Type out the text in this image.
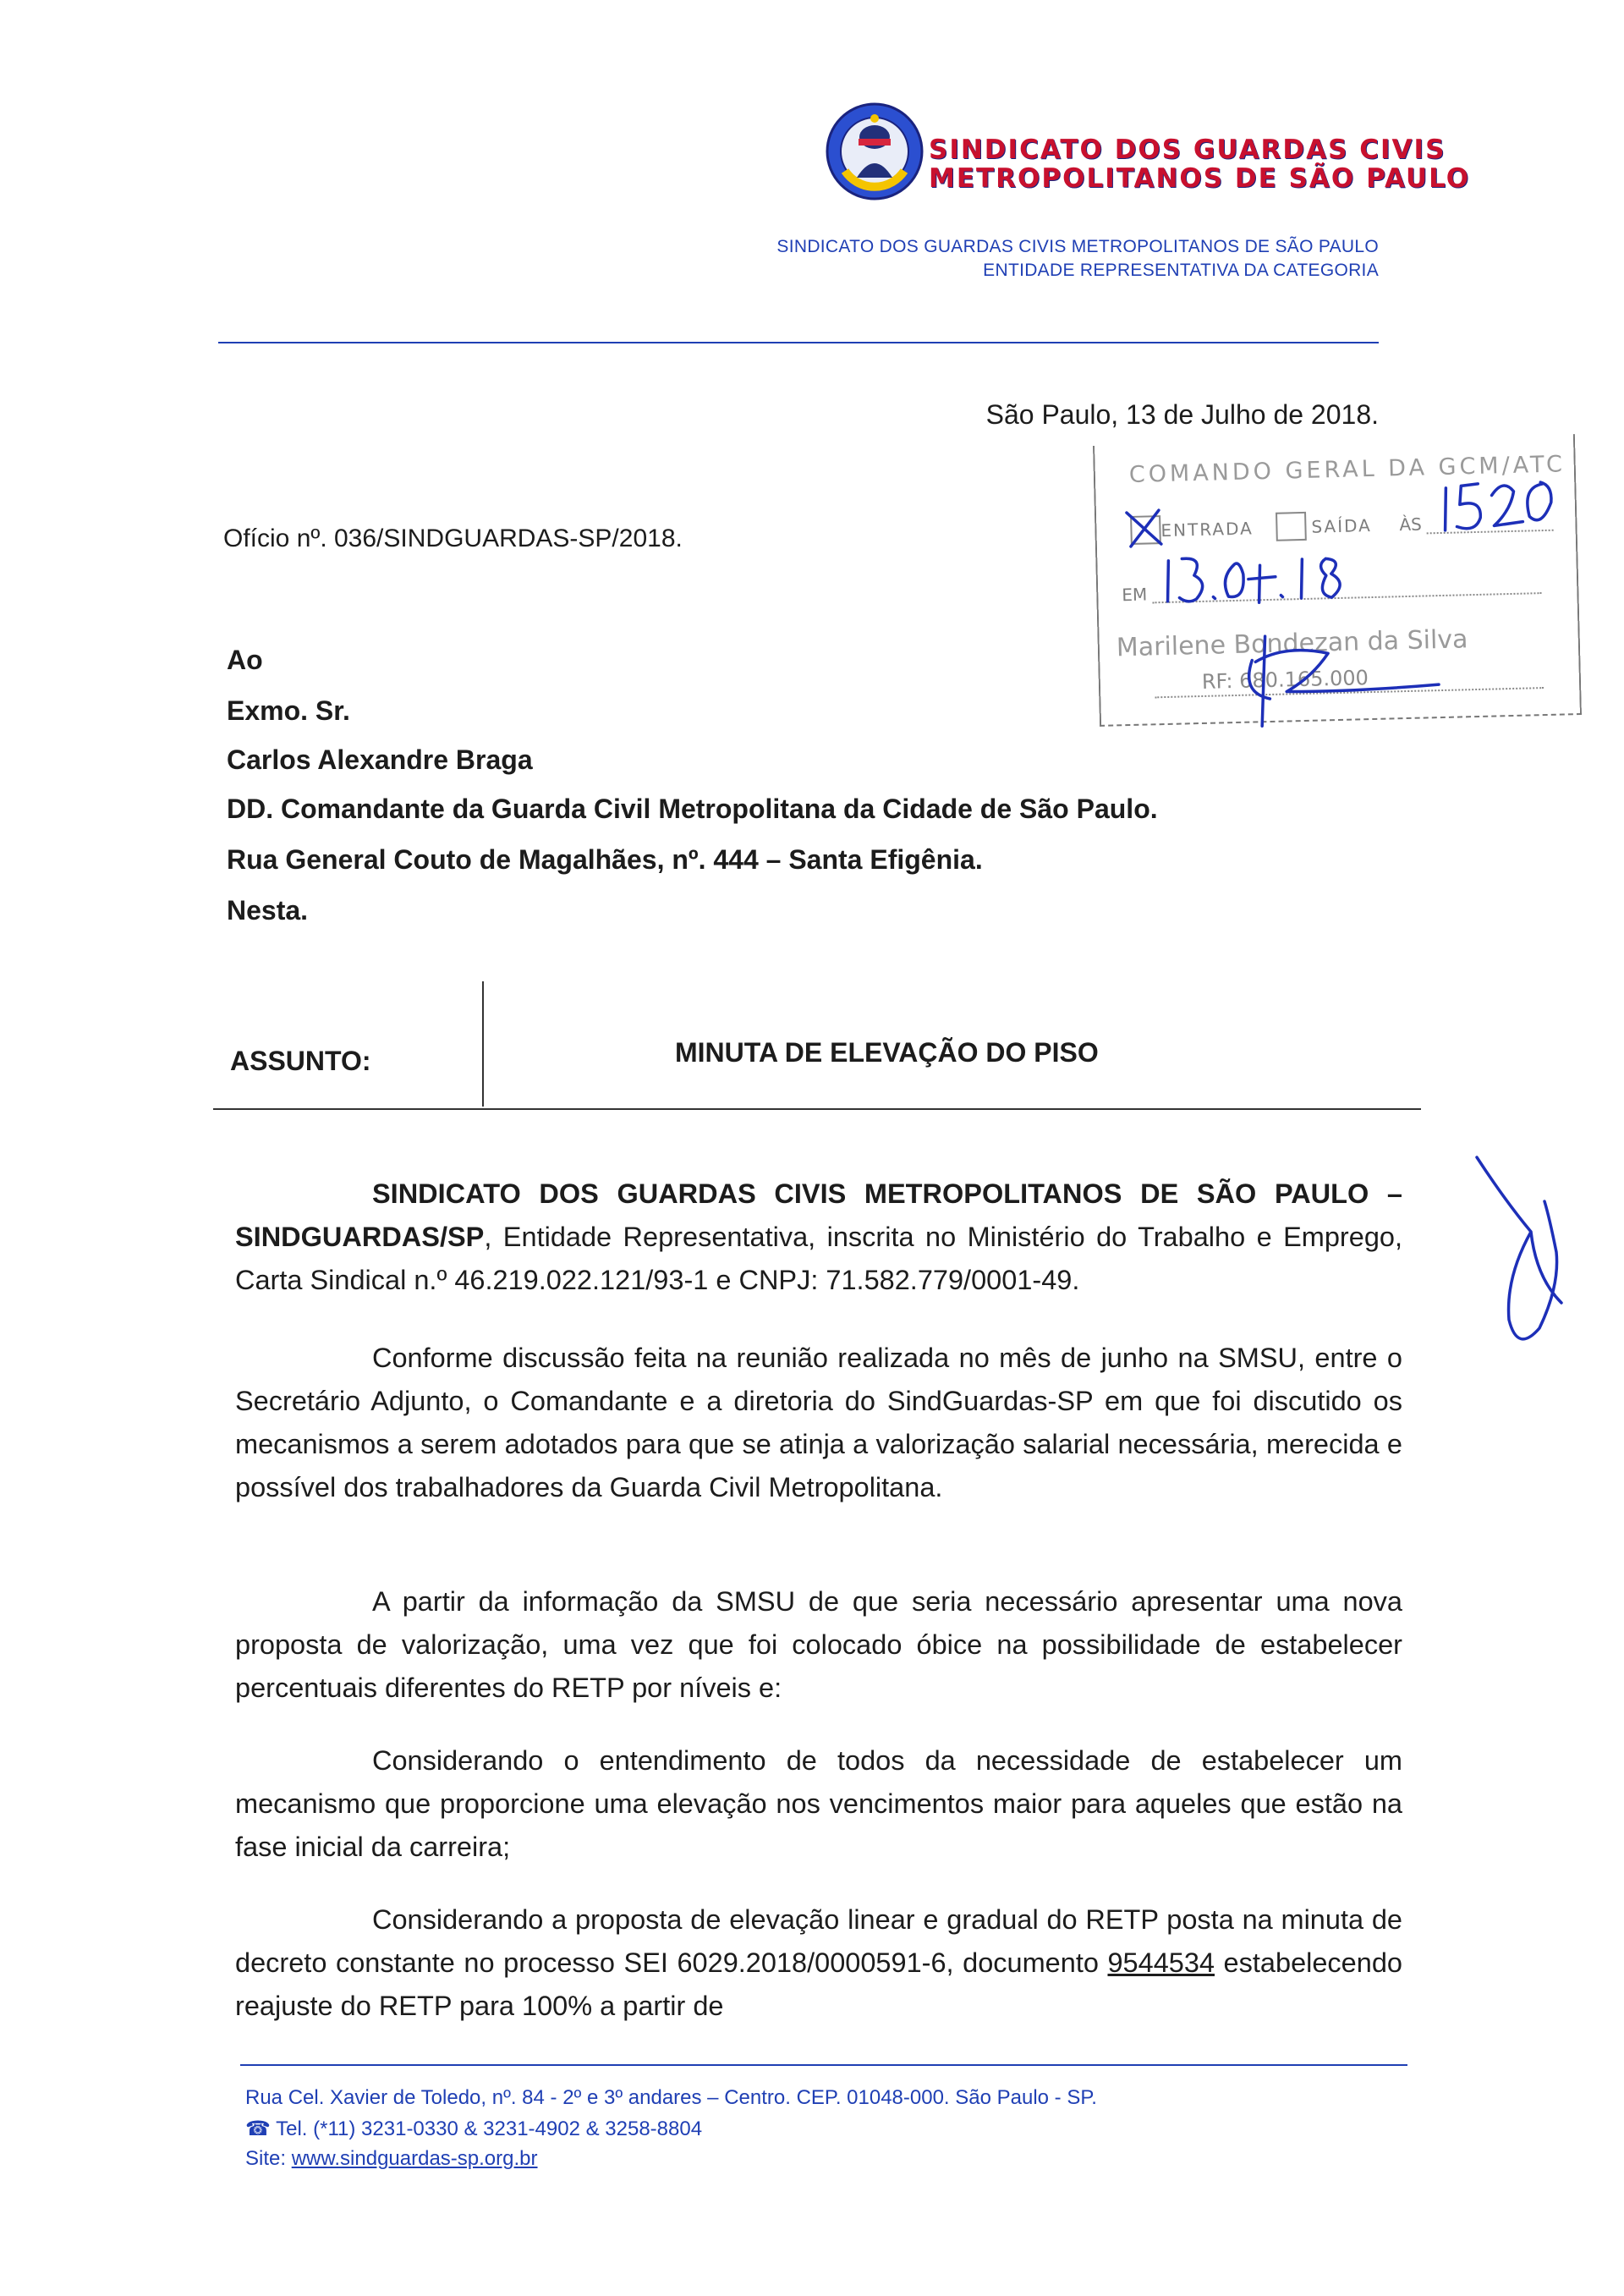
SINDICATO DOS GUARDAS CIVIS
METROPOLITANOS DE SÃO PAULO
SINDICATO DOS GUARDAS CIVIS METROPOLITANOS DE SÃO PAULO
ENTIDADE REPRESENTATIVA DA CATEGORIA
São Paulo, 13 de Julho de 2018.
Ofício nº. 036/SINDGUARDAS-SP/2018.
COMANDO GERAL DA GCM/ATC
ENTRADA	SAÍDA ÀS
EM
Marilene Bondezan da Silva
RF: 680.165.000
Ao
Exmo. Sr.
Carlos Alexandre Braga
DD. Comandante da Guarda Civil Metropolitana da Cidade de São Paulo.
Rua General Couto de Magalhães, nº. 444 – Santa Efigênia.
Nesta.
ASSUNTO:	MINUTA DE ELEVAÇÃO DO PISO

SINDICATO DOS GUARDAS CIVIS METROPOLITANOS DE SÃO PAULO – SINDGUARDAS/SP, Entidade Representativa, inscrita no Ministério do Trabalho e Emprego, Carta Sindical n.º 46.219.022.121/93-1 e CNPJ: 71.582.779/0001-49.

Conforme discussão feita na reunião realizada no mês de junho na SMSU, entre o Secretário Adjunto, o Comandante e a diretoria do SindGuardas-SP em que foi discutido os mecanismos a serem adotados para que se atinja a valorização salarial necessária, merecida e possível dos trabalhadores da Guarda Civil Metropolitana.

A partir da informação da SMSU de que seria necessário apresentar uma nova proposta de valorização, uma vez que foi colocado óbice na possibilidade de estabelecer percentuais diferentes do RETP por níveis e:

Considerando o entendimento de todos da necessidade de estabelecer um mecanismo que proporcione uma elevação nos vencimentos maior para aqueles que estão na fase inicial da carreira;

Considerando a proposta de elevação linear e gradual do RETP posta na minuta de decreto constante no processo SEI 6029.2018/0000591-6, documento 9544534 estabelecendo reajuste do RETP para 100% a partir de

Rua Cel. Xavier de Toledo, nº. 84 - 2º e 3º andares – Centro. CEP. 01048-000. São Paulo - SP.
☎ Tel. (*11) 3231-0330 & 3231-4902 & 3258-8804
Site: www.sindguardas-sp.org.br
